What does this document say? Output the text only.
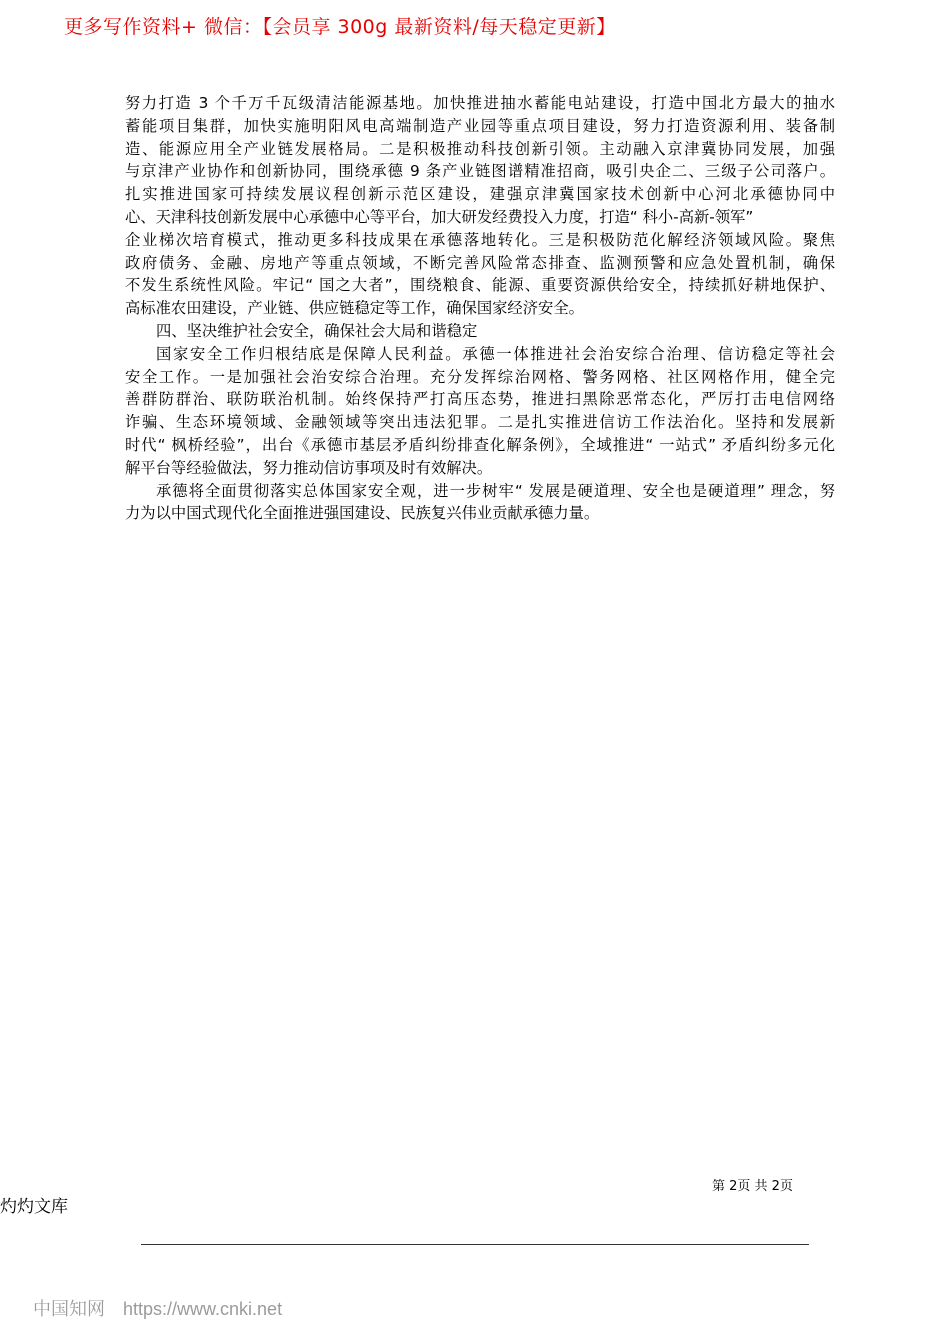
更多写作资料+ 微信：【会员享 300g 最新资料/每天稳定更新】
努力打造 3 个千万千瓦级清洁能源基地。加快推进抽水蓄能电站建设，打造中国北方最大的抽水
蓄能项目集群，加快实施明阳风电高端制造产业园等重点项目建设，努力打造资源利用、装备制
造、能源应用全产业链发展格局。二是积极推动科技创新引领。主动融入京津冀协同发展，加强
与京津产业协作和创新协同，围绕承德 9 条产业链图谱精准招商，吸引央企二、三级子公司落户。
扎实推进国家可持续发展议程创新示范区建设，建强京津冀国家技术创新中心河北承德协同中
心、天津科技创新发展中心承德中心等平台，加大研发经费投入力度，打造“ 科小-高新-领军”
企业梯次培育模式，推动更多科技成果在承德落地转化。三是积极防范化解经济领域风险。聚焦
政府债务、金融、房地产等重点领域，不断完善风险常态排查、监测预警和应急处置机制，确保
不发生系统性风险。牢记“ 国之大者”，围绕粮食、能源、重要资源供给安全，持续抓好耕地保护、
高标准农田建设，产业链、供应链稳定等工作，确保国家经济安全。
四、坚决维护社会安全，确保社会大局和谐稳定
国家安全工作归根结底是保障人民利益。承德一体推进社会治安综合治理、信访稳定等社会
安全工作。一是加强社会治安综合治理。充分发挥综治网格、警务网格、社区网格作用，健全完
善群防群治、联防联治机制。始终保持严打高压态势，推进扫黑除恶常态化，严厉打击电信网络
诈骗、生态环境领域、金融领域等突出违法犯罪。二是扎实推进信访工作法治化。坚持和发展新
时代“ 枫桥经验”，出台《承德市基层矛盾纠纷排查化解条例》，全域推进“ 一站式” 矛盾纠纷多元化
解平台等经验做法，努力推动信访事项及时有效解决。
承德将全面贯彻落实总体国家安全观，进一步树牢“ 发展是硬道理、安全也是硬道理” 理念，努
力为以中国式现代化全面推进强国建设、民族复兴伟业贡献承德力量。
第 2页 共 2页
灼灼文库
中国知网 https://www.cnki.net
